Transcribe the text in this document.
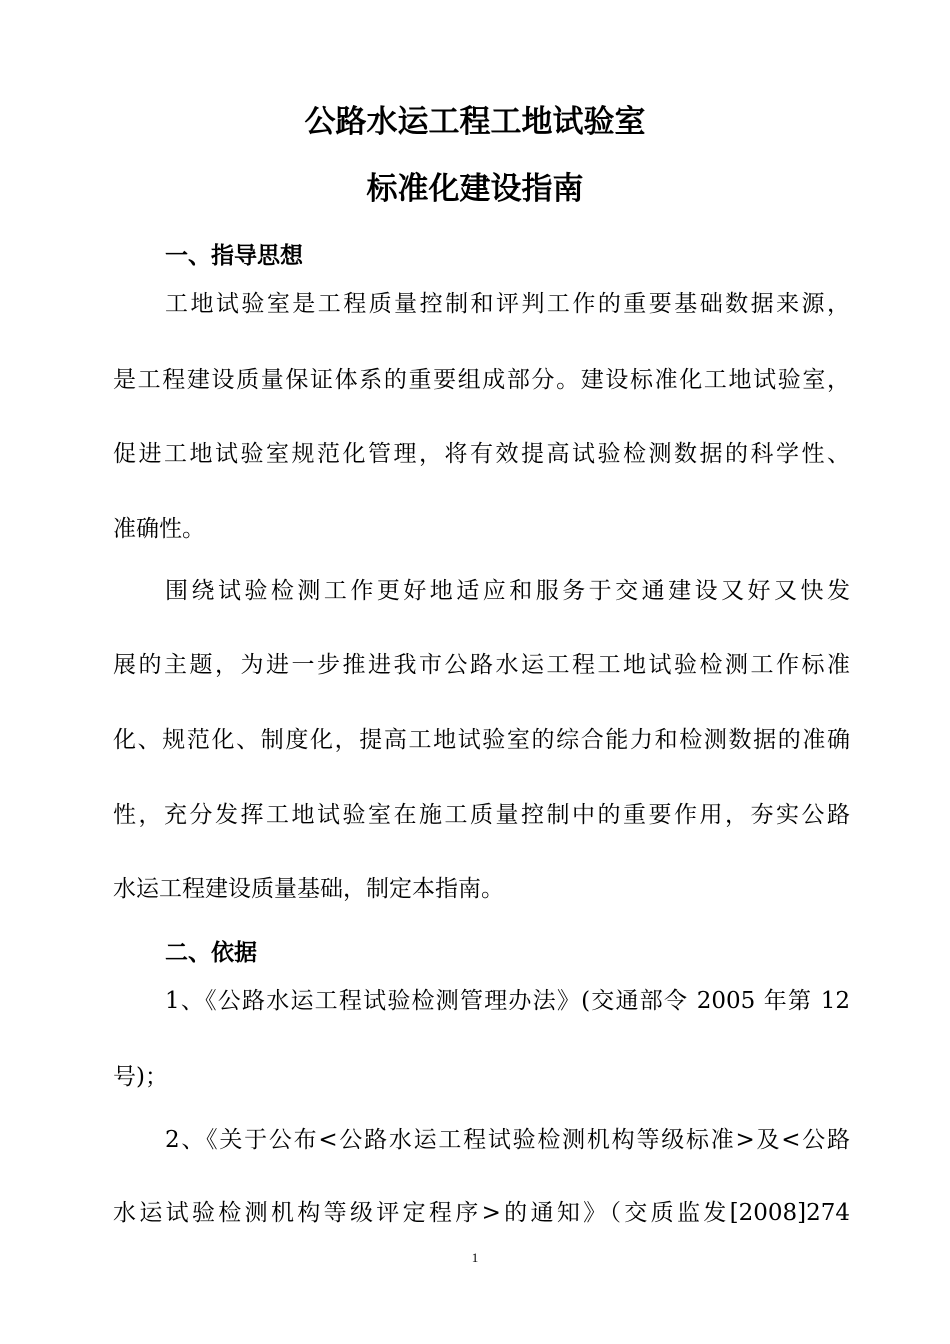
公路水运工程工地试验室
标准化建设指南
一、指导思想

工地试验室是工程质量控制和评判工作的重要基础数据来源，

是工程建设质量保证体系的重要组成部分。建设标准化工地试验室，

促进工地试验室规范化管理，将有效提高试验检测数据的科学性、

准确性。

围绕试验检测工作更好地适应和服务于交通建设又好又快发

展的主题，为进一步推进我市公路水运工程工地试验检测工作标准

化、规范化、制度化，提高工地试验室的综合能力和检测数据的准确

性，充分发挥工地试验室在施工质量控制中的重要作用，夯实公路

水运工程建设质量基础，制定本指南。

二、依据

1、《公路水运工程试验检测管理办法》(交通部令 2005 年第 12

号)；

2、《关于公布<公路水运工程试验检测机构等级标准>及<公路

水运试验检测机构等级评定程序>的通知》（交质监发[2008]274

1
